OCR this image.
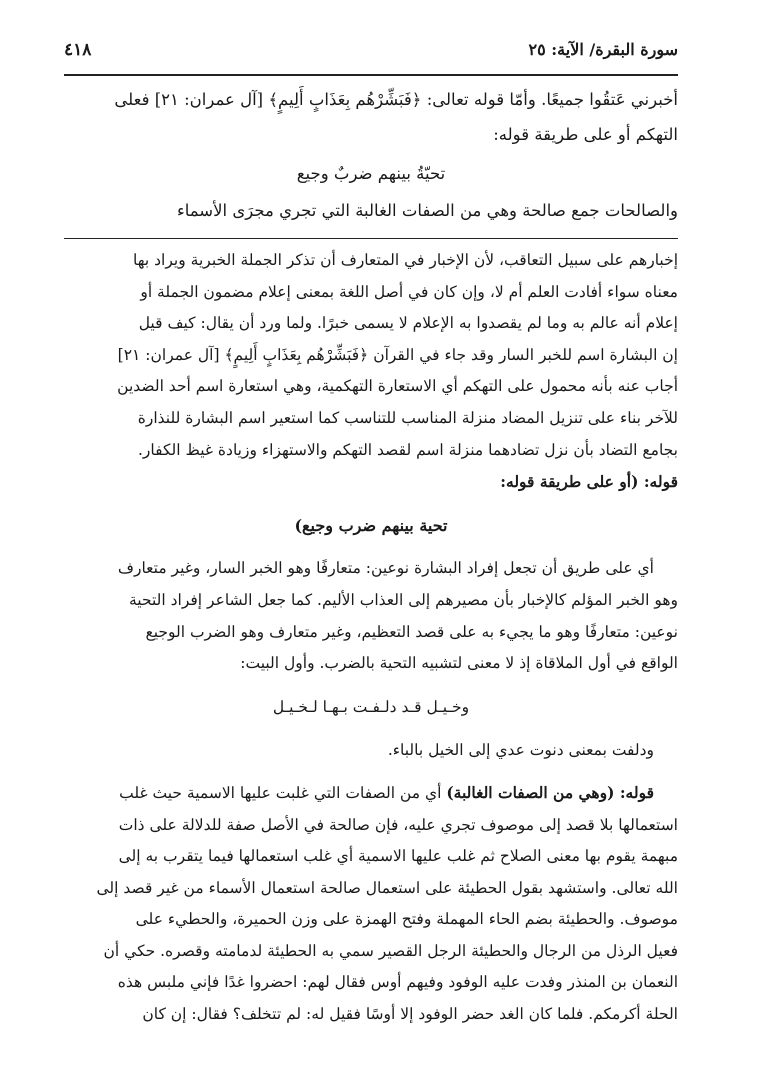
سورة البقرة/ الآية: ٢٥
٤١٨

أخبرني عَتقُوا جميعًا. وأمّا قوله تعالى: ﴿فَبَشِّرْهُم بِعَذَابٍ أَلِيمٍ﴾ [آل عمران: ٢١] فعلى

التهكم أو على طريقة قوله:

تحيّةُ بينهم ضربٌ وجيع

والصالحات جمع صالحة وهي من الصفات الغالبة التي تجري مجرَى الأسماء

إخبارهم على سبيل التعاقب، لأن الإخبار في المتعارف أن تذكر الجملة الخبرية ويراد بها

معناه سواء أفادت العلم أم لا، وإن كان في أصل اللغة بمعنى إعلام مضمون الجملة أو

إعلام أنه عالم به وما لم يقصدوا به الإعلام لا يسمى خبرًا. ولما ورد أن يقال: كيف قيل

إن البشارة اسم للخبر السار وقد جاء في القرآن ﴿فَبَشِّرْهُم بِعَذَابٍ أَلِيمٍ﴾ [آل عمران: ٢١]

أجاب عنه بأنه محمول على التهكم أي الاستعارة التهكمية، وهي استعارة اسم أحد الضدين

للآخر بناء على تنزيل المضاد منزلة المناسب للتناسب كما استعير اسم البشارة للنذارة

بجامع التضاد بأن نزل تضادهما منزلة اسم لقصد التهكم والاستهزاء وزيادة غيظ الكفار.

قوله: (أو على طريقة قوله:

تحية بينهم ضرب وجيع)

أي على طريق أن تجعل إفراد البشارة نوعين: متعارفًا وهو الخبر السار، وغير متعارف

وهو الخبر المؤلم كالإخبار بأن مصيرهم إلى العذاب الأليم. كما جعل الشاعر إفراد التحية

نوعين: متعارفًا وهو ما يجيء به على قصد التعظيم، وغير متعارف وهو الضرب الوجيع

الواقع في أول الملاقاة إذ لا معنى لتشبيه التحية بالضرب. وأول البيت:

وخـيـل قـد دلـفـت بـهـا لـخـيـل

ودلفت بمعنى دنوت عدي إلى الخيل بالباء.

قوله: (وهي من الصفات الغالبة) أي من الصفات التي غلبت عليها الاسمية حيث غلب

استعمالها بلا قصد إلى موصوف تجري عليه، فإن صالحة في الأصل صفة للدلالة على ذات

مبهمة يقوم بها معنى الصلاح ثم غلب عليها الاسمية أي غلب استعمالها فيما يتقرب به إلى

الله تعالى. واستشهد بقول الحطيئة على استعمال صالحة استعمال الأسماء من غير قصد إلى

موصوف. والحطيئة بضم الحاء المهملة وفتح الهمزة على وزن الحميرة، والحطيء على

فعيل الرذل من الرجال والحطيئة الرجل القصير سمي به الحطيئة لدمامته وقصره. حكي أن

النعمان بن المنذر وفدت عليه الوفود وفيهم أوس فقال لهم: احضروا غدًا فإني ملبس هذه

الحلة أكرمكم. فلما كان الغد حضر الوفود إلا أوسًا فقيل له: لم تتخلف؟ فقال: إن كان
